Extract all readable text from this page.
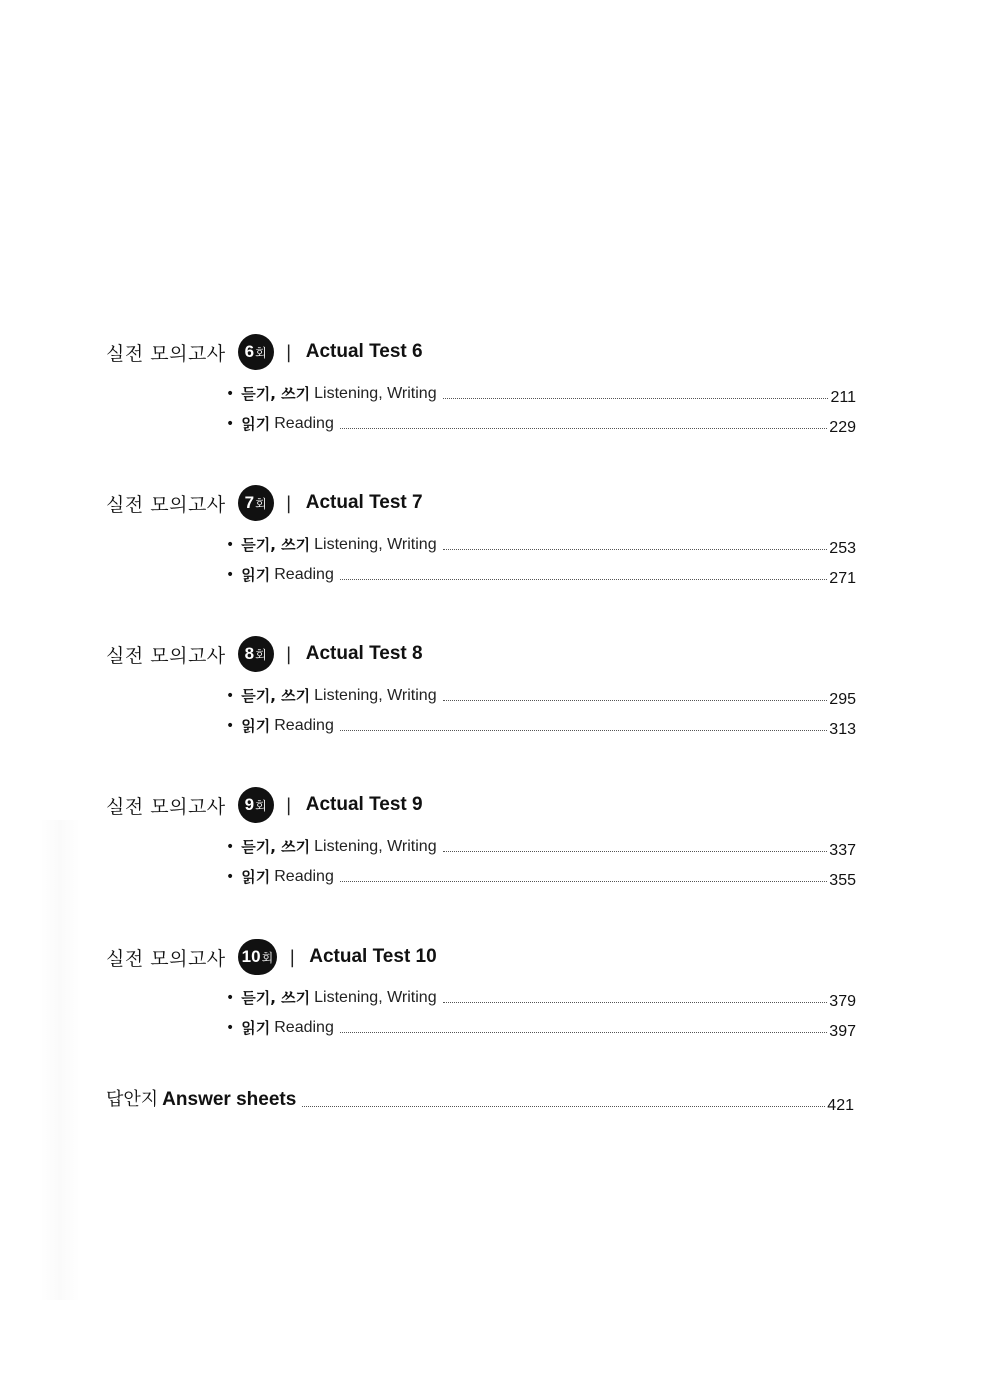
실전 모의고사 6 회 | Actual Test 6
• 듣기, 쓰기 Listening, Writing	211
• 읽기 Reading	229
실전 모의고사 7 회 | Actual Test 7
• 듣기, 쓰기 Listening, Writing	253
• 읽기 Reading	271
실전 모의고사 8 회 | Actual Test 8
• 듣기, 쓰기 Listening, Writing	295
• 읽기 Reading	313
실전 모의고사 9 회 | Actual Test 9
• 듣기, 쓰기 Listening, Writing	337
• 읽기 Reading	355
실전 모의고사 10 회 | Actual Test 10
• 듣기, 쓰기 Listening, Writing	379
• 읽기 Reading	397
답안지 Answer sheets	421
